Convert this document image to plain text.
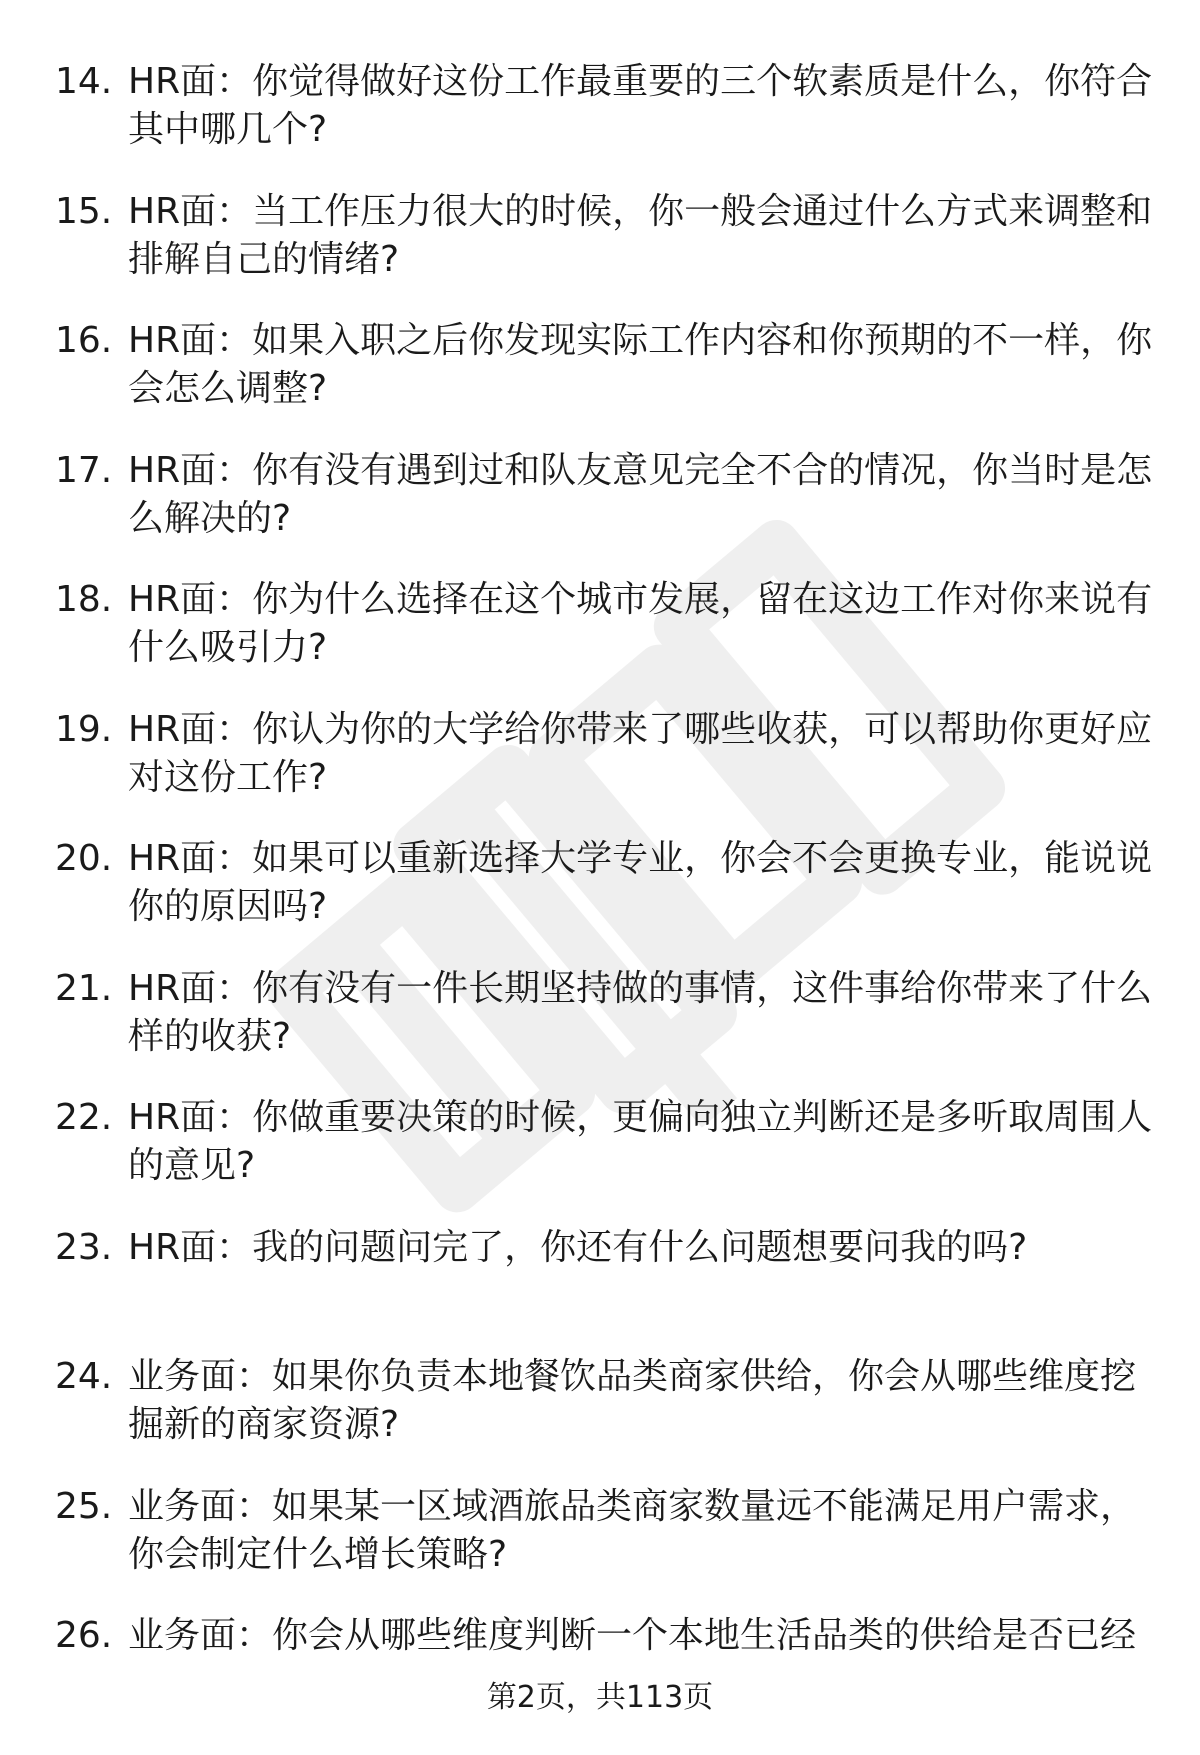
14. HR面：你觉得做好这份工作最重要的三个软素质是什么，你符合其中哪几个?
15. HR面：当工作压力很大的时候，你一般会通过什么方式来调整和排解自己的情绪?
16. HR面：如果入职之后你发现实际工作内容和你预期的不一样，你会怎么调整?
17. HR面：你有没有遇到过和队友意见完全不合的情况，你当时是怎么解决的?
18. HR面：你为什么选择在这个城市发展，留在这边工作对你来说有什么吸引力?
19. HR面：你认为你的大学给你带来了哪些收获，可以帮助你更好应对这份工作?
20. HR面：如果可以重新选择大学专业，你会不会更换专业，能说说你的原因吗?
21. HR面：你有没有一件长期坚持做的事情，这件事给你带来了什么样的收获?
22. HR面：你做重要决策的时候，更偏向独立判断还是多听取周围人的意见?
23. HR面：我的问题问完了，你还有什么问题想要问我的吗?
24. 业务面：如果你负责本地餐饮品类商家供给，你会从哪些维度挖掘新的商家资源?
25. 业务面：如果某一区域酒旅品类商家数量远不能满足用户需求，你会制定什么增长策略?
26. 业务面：你会从哪些维度判断一个本地生活品类的供给是否已经
第2页，共113页
